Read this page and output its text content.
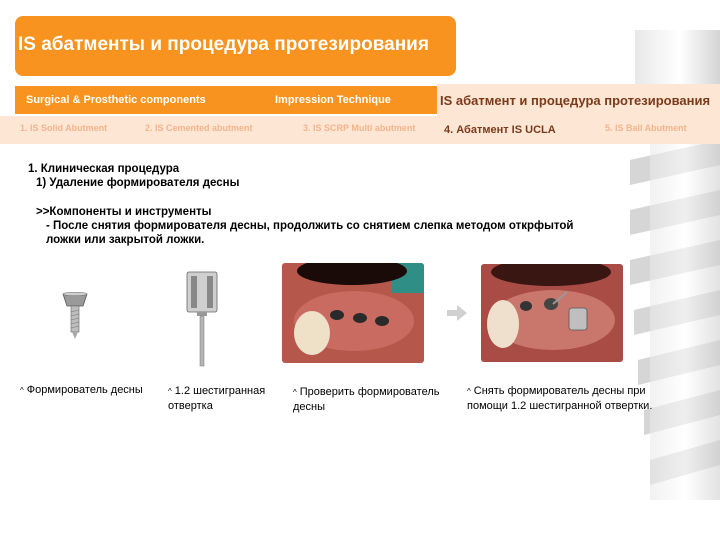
IS абатменты и процедура протезирования
Surgical & Prosthetic components	Impression Technique	IS абатмент и процедура протезирования
1. IS Solid Abutment	2. IS Cemented abutment	3. IS SCRP Multi abutment	4. Абатмент IS UCLA	5. IS Ball Abutment
1. Клиническая процедура
1) Удаление формирователя десны
>>Компоненты и инструменты
- После снятия формирователя десны, продолжить со снятием слепка методом открфытой
ложки или закрытой ложки.
^ Формирователь десны	^ 1.2 шестигранная
отвертка
^ Проверить формирователь
десны
^ Снять формирователь десны при
помощи 1.2 шестигранной отвертки.
